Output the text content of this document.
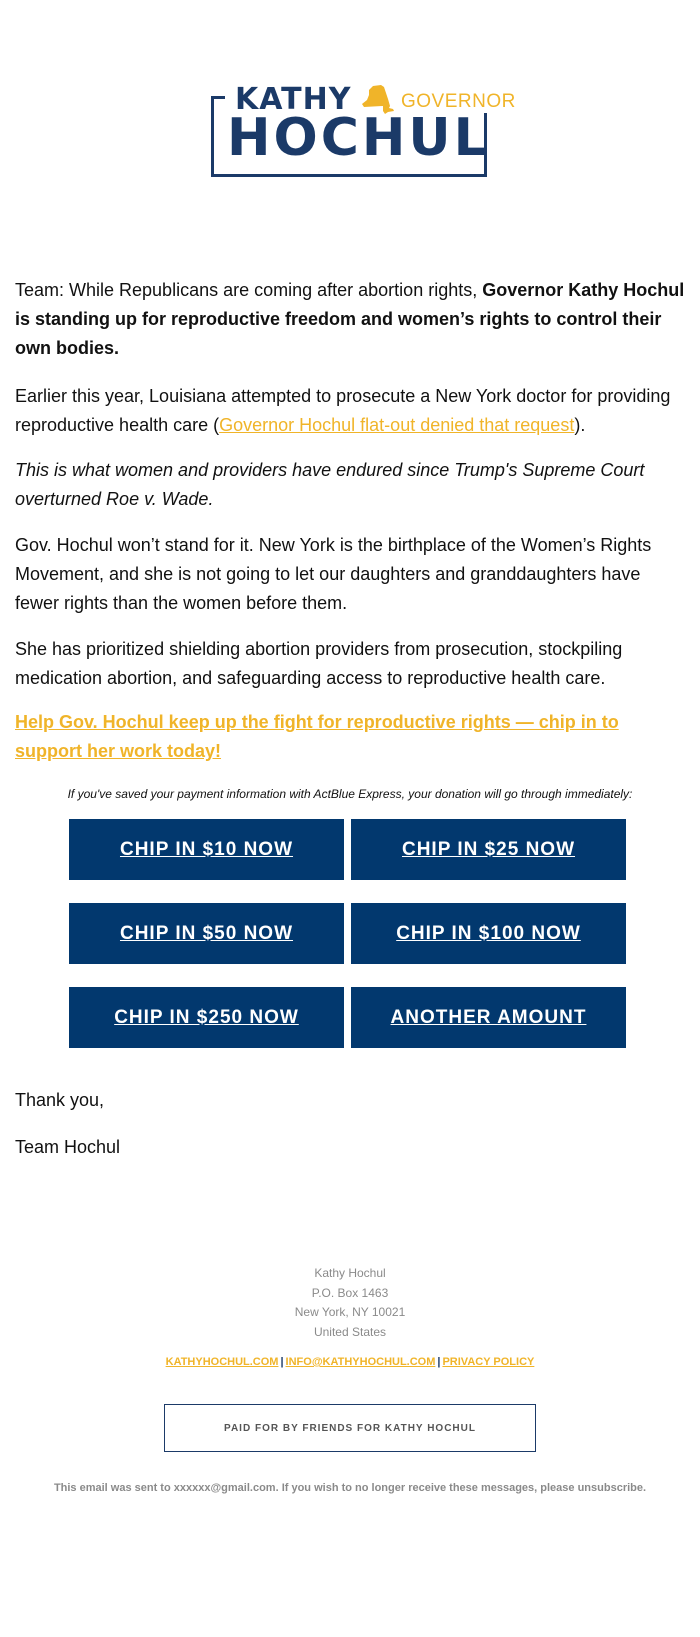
KATHY	GOVERNOR
HOCHUL

Team: While Republicans are coming after abortion rights, Governor Kathy Hochul is standing up for reproductive freedom and women’s rights to control their own bodies.

Earlier this year, Louisiana attempted to prosecute a New York doctor for providing reproductive health care (Governor Hochul flat-out denied that request).

This is what women and providers have endured since Trump's Supreme Court overturned Roe v. Wade.

Gov. Hochul won’t stand for it. New York is the birthplace of the Women’s Rights Movement, and she is not going to let our daughters and granddaughters have fewer rights than the women before them.

She has prioritized shielding abortion providers from prosecution, stockpiling medication abortion, and safeguarding access to reproductive health care.

Help Gov. Hochul keep up the fight for reproductive rights — chip in to support her work today!

If you've saved your payment information with ActBlue Express, your donation will go through immediately:
CHIP IN $10 NOW	CHIP IN $25 NOW
CHIP IN $50 NOW	CHIP IN $100 NOW
CHIP IN $250 NOW	ANOTHER AMOUNT
Thank you,
Team Hochul
Kathy Hochul
P.O. Box 1463
New York, NY 10021
United States
KATHYHOCHUL.COM | INFO@KATHYHOCHUL.COM | PRIVACY POLICY
PAID FOR BY FRIENDS FOR KATHY HOCHUL
This email was sent to xxxxxx@gmail.com. If you wish to no longer receive these messages, please unsubscribe.
